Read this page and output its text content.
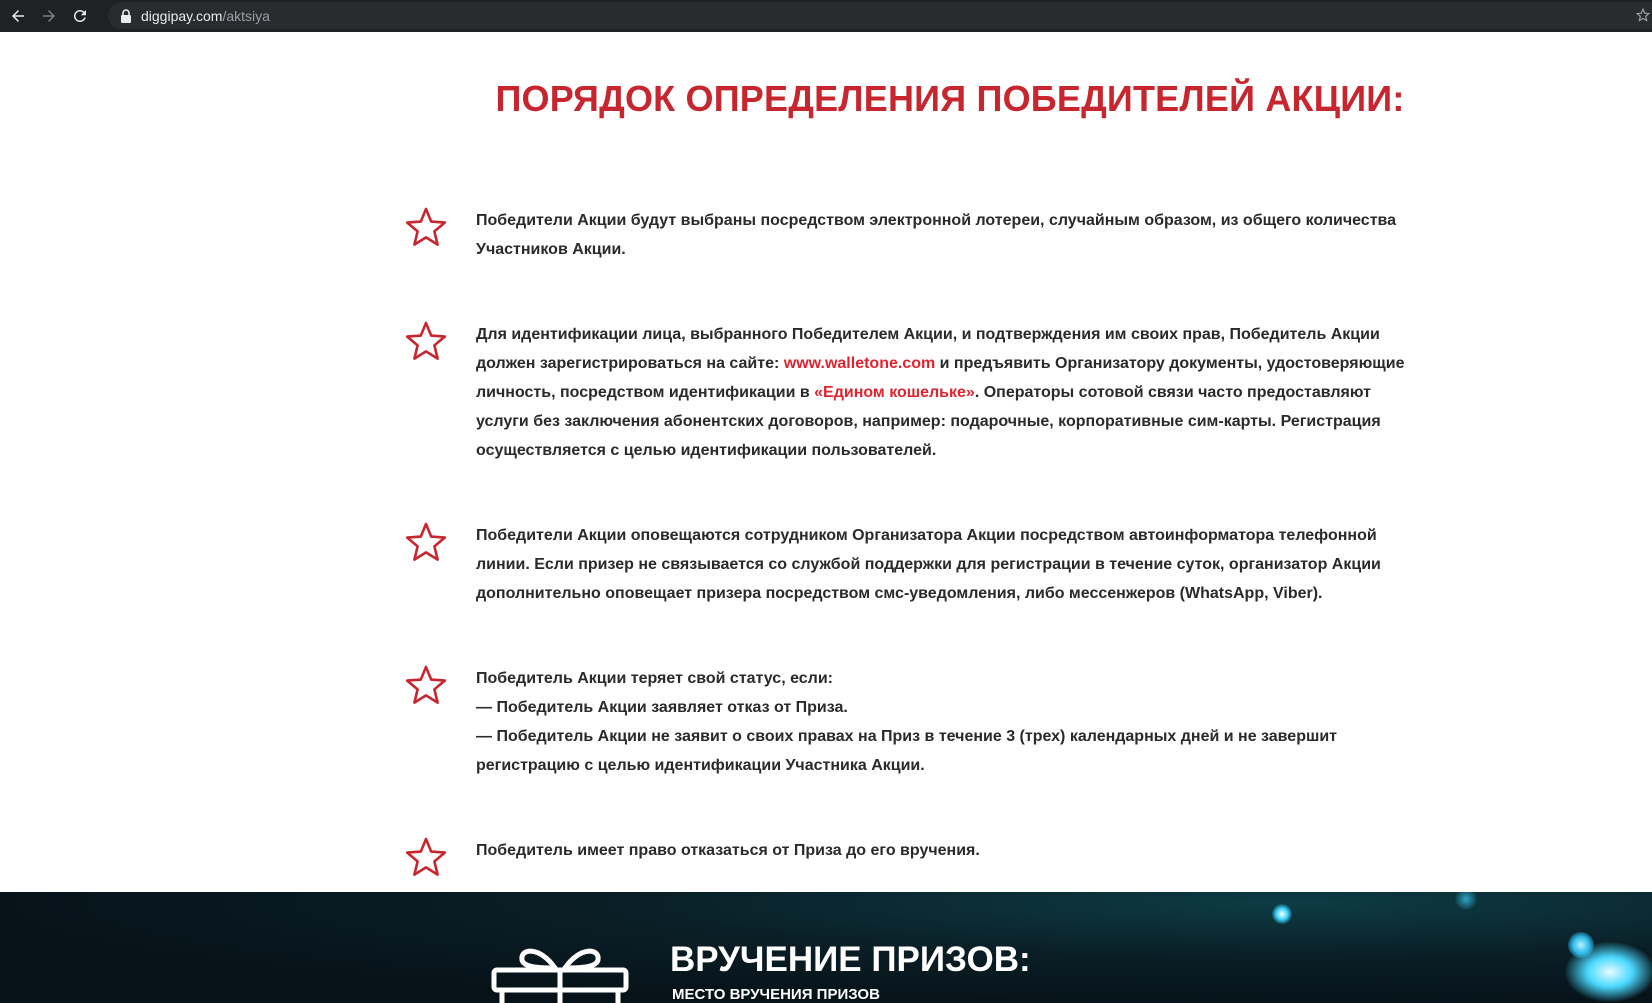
diggipay.com /aktsiya
ПОРЯДОК ОПРЕДЕЛЕНИЯ ПОБЕДИТЕЛЕЙ АКЦИИ:
Победители Акции будут выбраны посредством электронной лотереи, случайным образом, из общего количества Участников Акции.
Для идентификации лица, выбранного Победителем Акции, и подтверждения им своих прав, Победитель Акции должен зарегистрироваться на сайте: www.walletone.com и предъявить Организатору документы, удостоверяющие личность, посредством идентификации в «Едином кошельке». Операторы сотовой связи часто предоставляют услуги без заключения абонентских договоров, например: подарочные, корпоративные сим-карты. Регистрация осуществляется с целью идентификации пользователей.
Победители Акции оповещаются сотрудником Организатора Акции посредством автоинформатора телефонной линии. Если призер не связывается со службой поддержки для регистрации в течение суток, организатор Акции дополнительно оповещает призера посредством смс-уведомления, либо мессенжеров (WhatsApp, Viber).
Победитель Акции теряет свой статус, если:
— Победитель Акции заявляет отказ от Приза.
— Победитель Акции не заявит о своих правах на Приз в течение 3 (трех) календарных дней и не завершит регистрацию с целью идентификации Участника Акции.
Победитель имеет право отказаться от Приза до его вручения.
ВРУЧЕНИЕ ПРИЗОВ:
МЕСТО ВРУЧЕНИЯ ПРИЗОВ
